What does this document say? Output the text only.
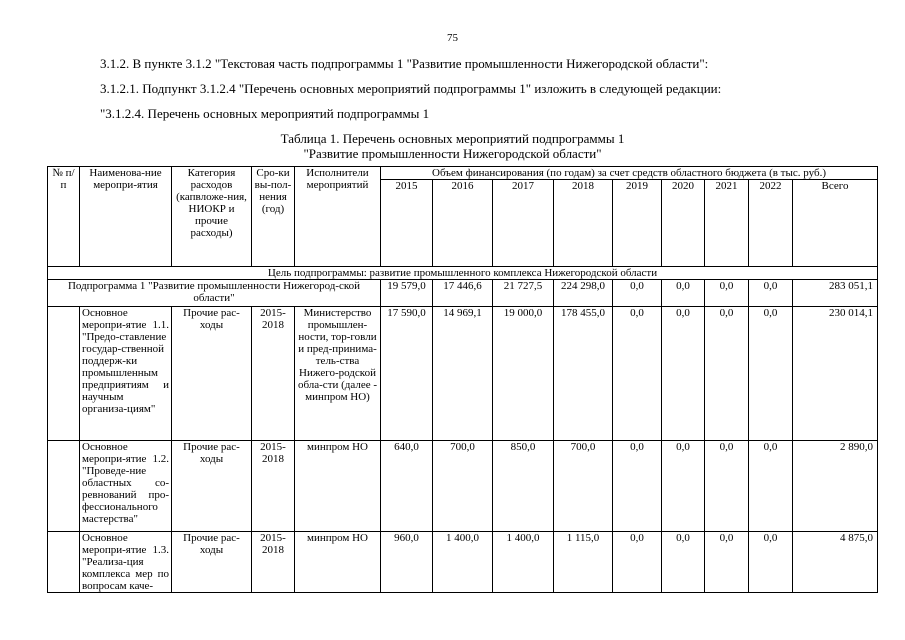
75
3.1.2. В пункте 3.1.2 "Текстовая часть подпрограммы 1 "Развитие промышленности Нижегородской области":
3.1.2.1. Подпункт 3.1.2.4 "Перечень основных мероприятий подпрограммы 1" изложить в следующей редакции:
"3.1.2.4. Перечень основных мероприятий подпрограммы 1
Таблица 1. Перечень основных мероприятий подпрограммы 1
"Развитие промышленности Нижегородской области"
№ п/п	Наименова-ние меропри-ятия	Категория расходов (капвложе-ния, НИОКР и прочие расходы)	Сро-ки вы-пол-нения (год)	Исполнители мероприятий	Объем финансирования (по годам) за счет средств областного бюджета (в тыс. руб.)								
					2015	2016	2017	2018	2019	2020	2021	2022	Всего
Цель подпрограммы: развитие промышленного комплекса Нижегородской области													
Подпрограмма 1 "Развитие промышленности Нижегород-ской области"					19 579,0	17 446,6	21 727,5	224 298,0	0,0	0,0	0,0	0,0	283 051,1
	Основное меропри-ятие 1.1. "Предо-ставление государ-ственной поддерж-ки промышленным предприятиям и научным организа-циям"	Прочие рас-ходы	2015-2018	Министерство промышлен-ности, тор-говли и пред-принима-тель-ства Нижего-родской обла-сти (далее - минпром НО)	17 590,0	14 969,1	19 000,0	178 455,0	0,0	0,0	0,0	0,0	230 014,1
	Основное меропри-ятие 1.2. "Проведе-ние областных со-ревнований про-фессионального мастерства"	Прочие рас-ходы	2015-2018	минпром НО	640,0	700,0	850,0	700,0	0,0	0,0	0,0	0,0	2 890,0
	Основное меропри-ятие 1.3. "Реализа-ция комплекса мер по вопросам каче-	Прочие рас-ходы	2015-2018	минпром НО	960,0	1 400,0	1 400,0	1 115,0	0,0	0,0	0,0	0,0	4 875,0
